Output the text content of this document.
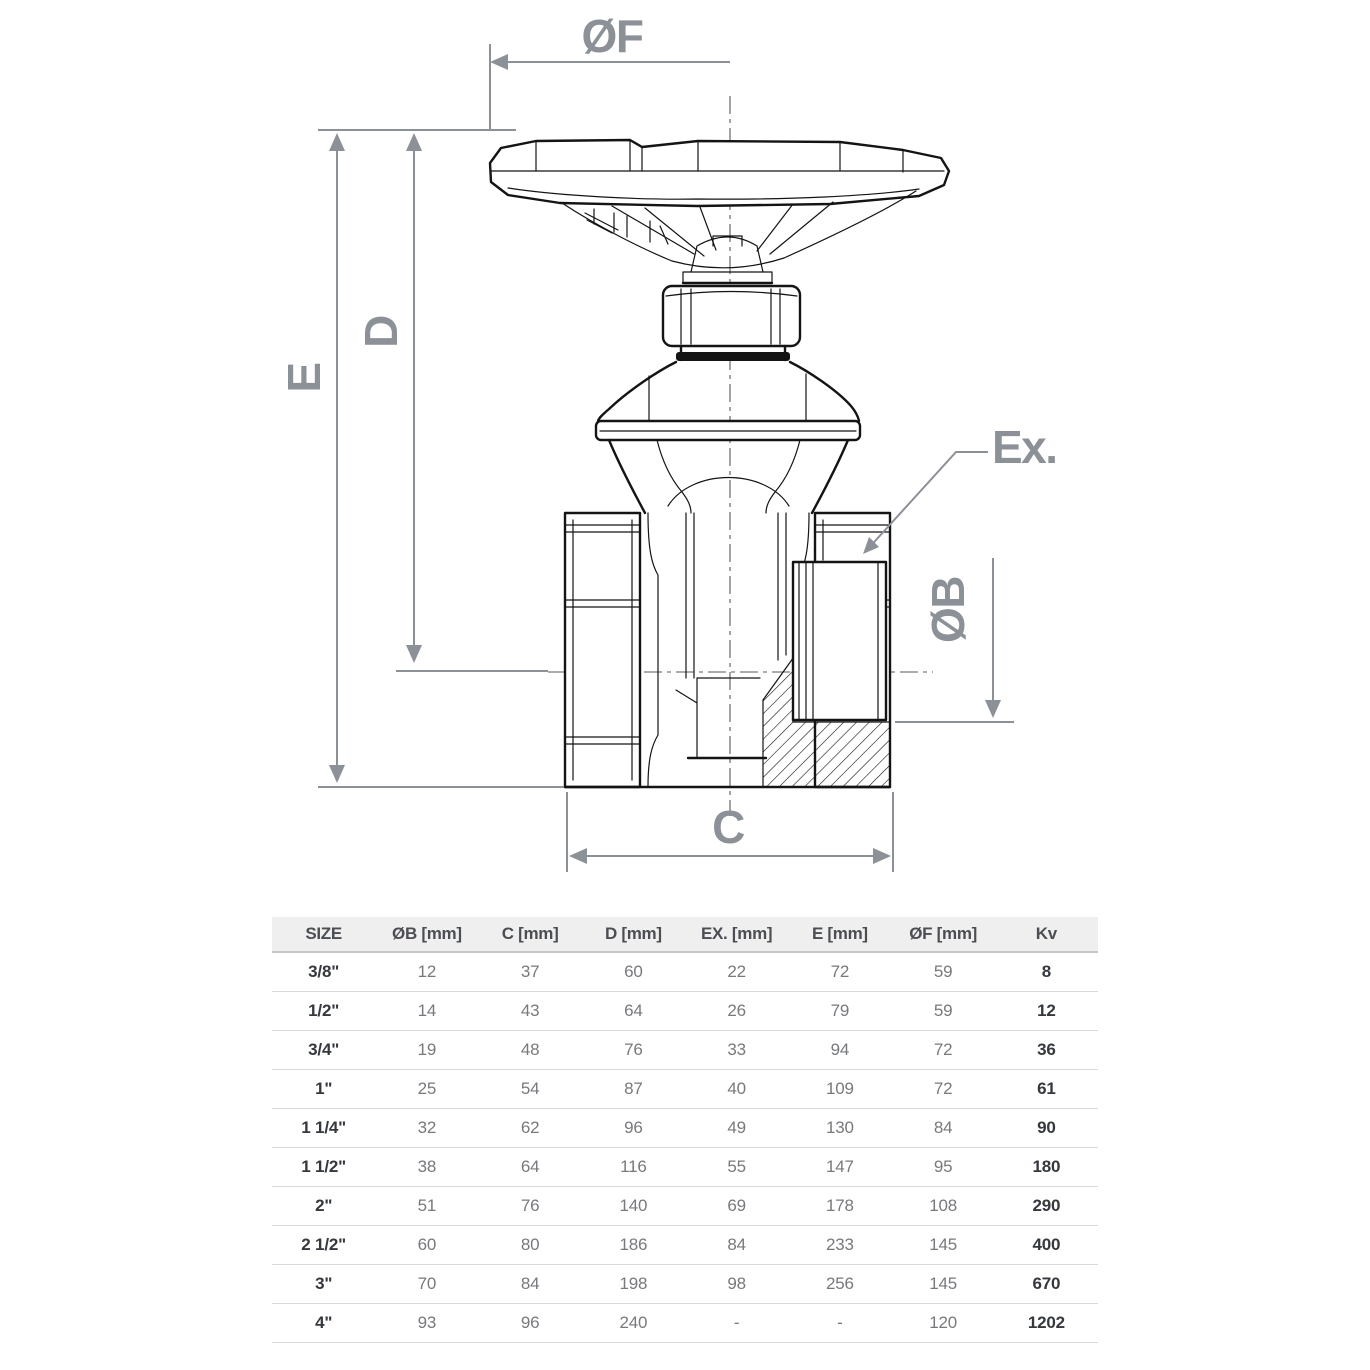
ØF
E
D
C
ØB
Ex.
SIZE	ØB [mm]	C [mm]	D [mm]	EX. [mm]	E [mm]	ØF [mm]	Kv
3/8"	12	37	60	22	72	59	8
1/2"	14	43	64	26	79	59	12
3/4"	19	48	76	33	94	72	36
1"	25	54	87	40	109	72	61
1 1/4"	32	62	96	49	130	84	90
1 1/2"	38	64	116	55	147	95	180
2"	51	76	140	69	178	108	290
2 1/2"	60	80	186	84	233	145	400
3"	70	84	198	98	256	145	670
4"	93	96	240	-	-	120	1202
